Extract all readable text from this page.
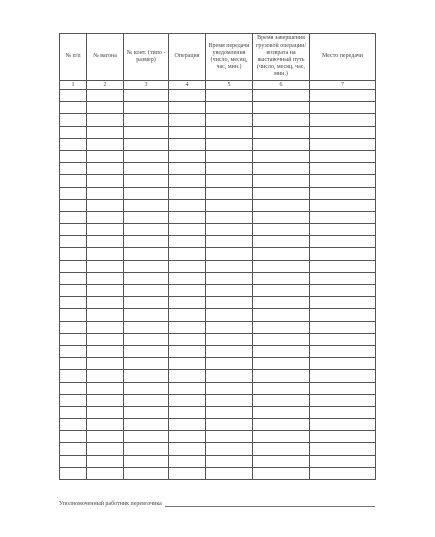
№ п/п	№ вагона	№ конт. (типо - размер)	Операция	Время передачи уведомления (число, месяц, час, мин.)	Время завершения грузовой операции/ возврата на выставочный путь (число, месяц, час, мин.)	Место передачи
1	2	3	4	5	6	7

Уполномоченный работник перевозчика
